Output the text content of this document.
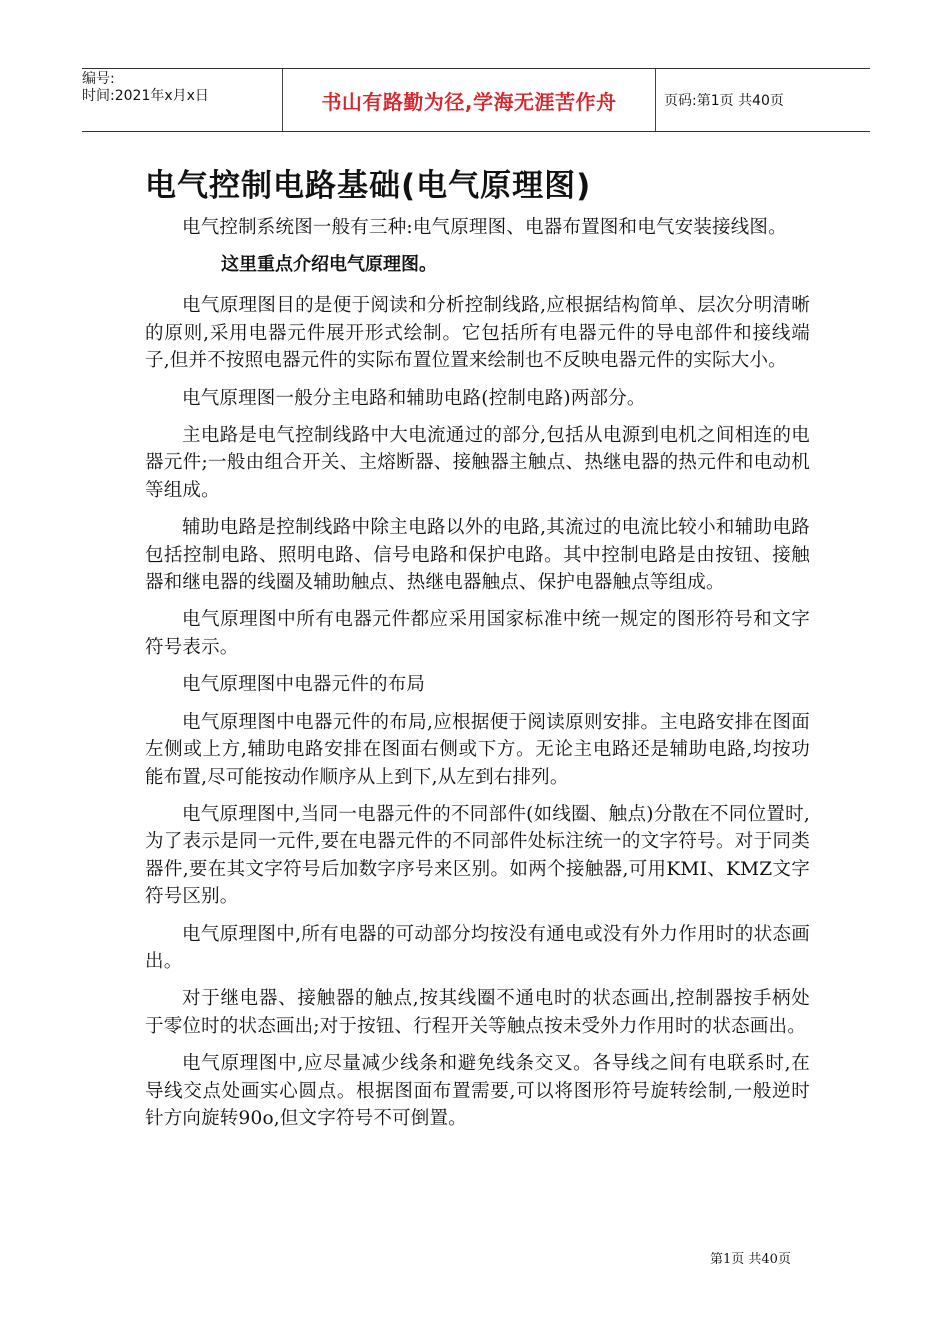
编号:
时间:2021年x月x日	书山有路勤为径,学海无涯苦作舟	页码:第1页 共40页
电气控制电路基础(电气原理图)

电气控制系统图一般有三种:电气原理图、电器布置图和电气安装接线图。

这里重点介绍电气原理图。

电气原理图目的是便于阅读和分析控制线路,应根据结构简单、层次分明清晰的原则,采用电器元件展开形式绘制。它包括所有电器元件的导电部件和接线端子,但并不按照电器元件的实际布置位置来绘制也不反映电器元件的实际大小。

电气原理图一般分主电路和辅助电路(控制电路)两部分。

主电路是电气控制线路中大电流通过的部分,包括从电源到电机之间相连的电器元件;一般由组合开关、主熔断器、接触器主触点、热继电器的热元件和电动机等组成。

辅助电路是控制线路中除主电路以外的电路,其流过的电流比较小和辅助电路包括控制电路、照明电路、信号电路和保护电路。其中控制电路是由按钮、接触器和继电器的线圈及辅助触点、热继电器触点、保护电器触点等组成。

电气原理图中所有电器元件都应采用国家标准中统一规定的图形符号和文字符号表示。

电气原理图中电器元件的布局

电气原理图中电器元件的布局,应根据便于阅读原则安排。主电路安排在图面左侧或上方,辅助电路安排在图面右侧或下方。无论主电路还是辅助电路,均按功能布置,尽可能按动作顺序从上到下,从左到右排列。

电气原理图中,当同一电器元件的不同部件(如线圈、触点)分散在不同位置时,为了表示是同一元件,要在电器元件的不同部件处标注统一的文字符号。对于同类器件,要在其文字符号后加数字序号来区别。如两个接触器,可用KMI、KMZ文字符号区别。

电气原理图中,所有电器的可动部分均按没有通电或没有外力作用时的状态画出。

对于继电器、接触器的触点,按其线圈不通电时的状态画出,控制器按手柄处于零位时的状态画出;对于按钮、行程开关等触点按未受外力作用时的状态画出。

电气原理图中,应尽量减少线条和避免线条交叉。各导线之间有电联系时,在导线交点处画实心圆点。根据图面布置需要,可以将图形符号旋转绘制,一般逆时针方向旋转90o,但文字符号不可倒置。

第1页 共40页
